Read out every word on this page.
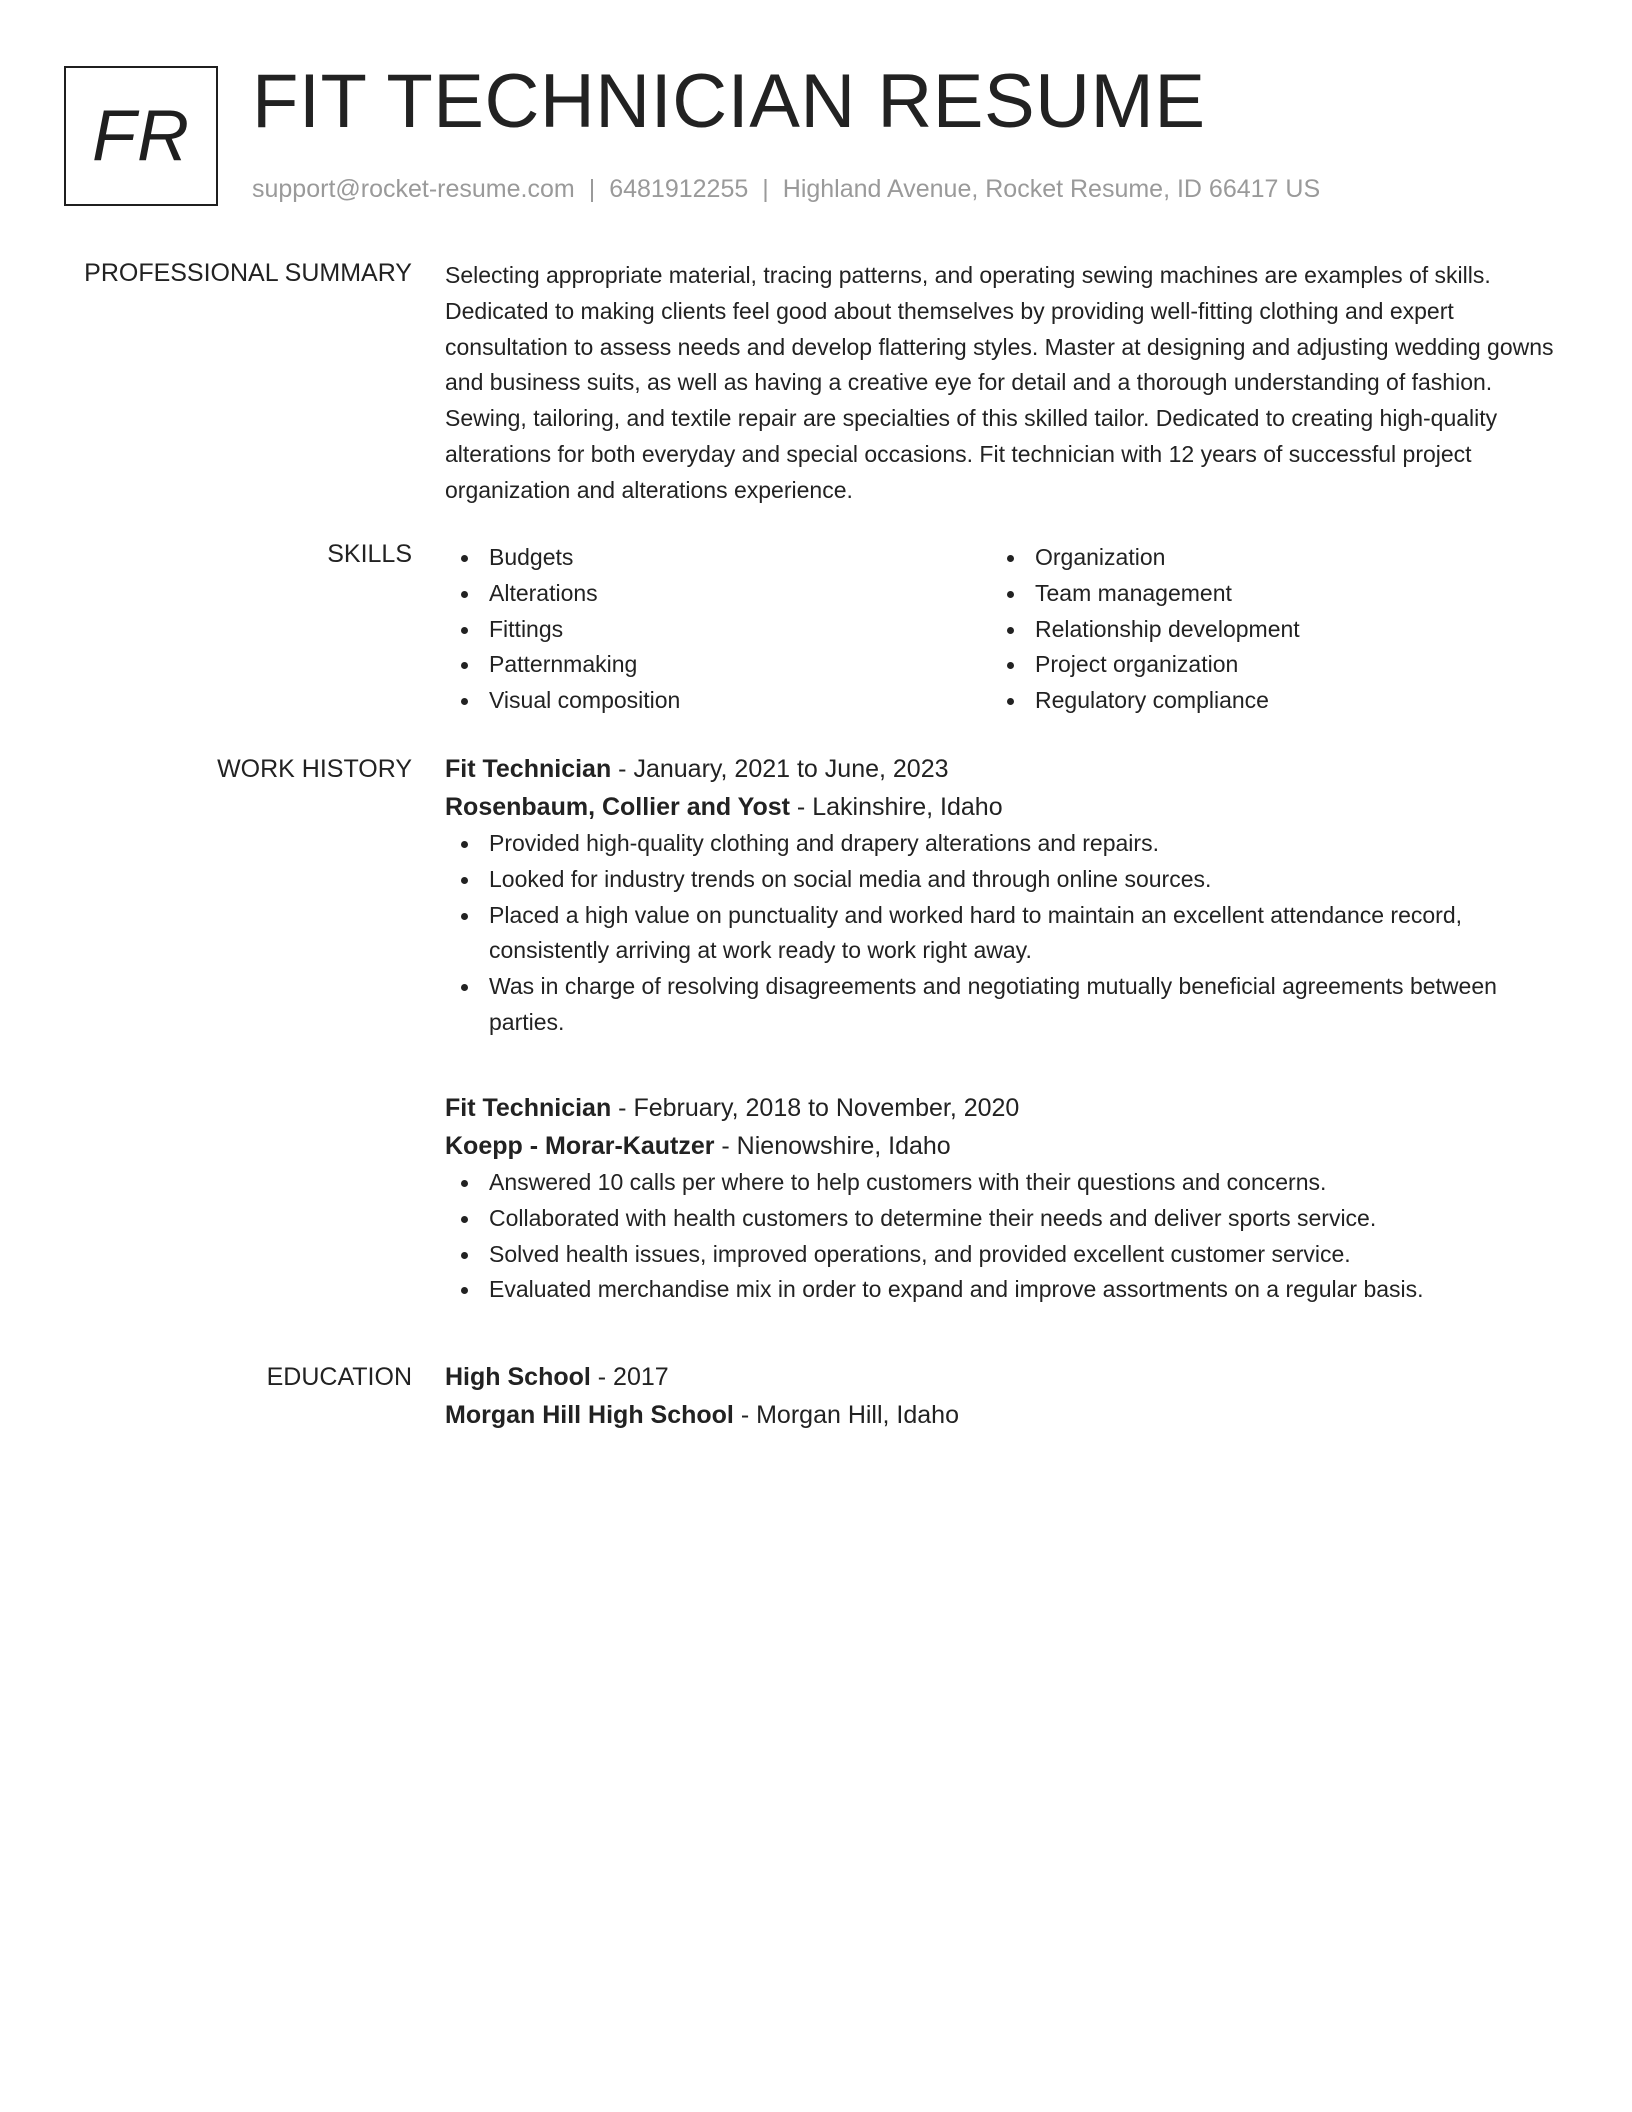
FR FIT TECHNICIAN RESUME
support@rocket-resume.com | 6481912255 | Highland Avenue, Rocket Resume, ID 66417 US
PROFESSIONAL SUMMARY Selecting appropriate material, tracing patterns, and operating sewing machines are examples of skills. Dedicated to making clients feel good about themselves by providing well-fitting clothing and expert consultation to assess needs and develop flattering styles. Master at designing and adjusting wedding gowns and business suits, as well as having a creative eye for detail and a thorough understanding of fashion. Sewing, tailoring, and textile repair are specialties of this skilled tailor. Dedicated to creating high-quality alterations for both everyday and special occasions. Fit technician with 12 years of successful project organization and alterations experience.

SKILLS	Budgets
Alterations
Fittings
Patternmaking
Visual composition
Organization
Team management
Relationship development
Project organization
Regulatory compliance
WORK HISTORY Fit Technician - January, 2021 to June, 2023
Rosenbaum, Collier and Yost - Lakinshire, Idaho
Provided high-quality clothing and drapery alterations and repairs.
Looked for industry trends on social media and through online sources.
Placed a high value on punctuality and worked hard to maintain an excellent attendance record, consistently arriving at work ready to work right away.
Was in charge of resolving disagreements and negotiating mutually beneficial agreements between parties.
Fit Technician - February, 2018 to November, 2020
Koepp - Morar-Kautzer - Nienowshire, Idaho
Answered 10 calls per where to help customers with their questions and concerns.
Collaborated with health customers to determine their needs and deliver sports service.
Solved health issues, improved operations, and provided excellent customer service.
Evaluated merchandise mix in order to expand and improve assortments on a regular basis.
EDUCATION High School - 2017
Morgan Hill High School - Morgan Hill, Idaho
